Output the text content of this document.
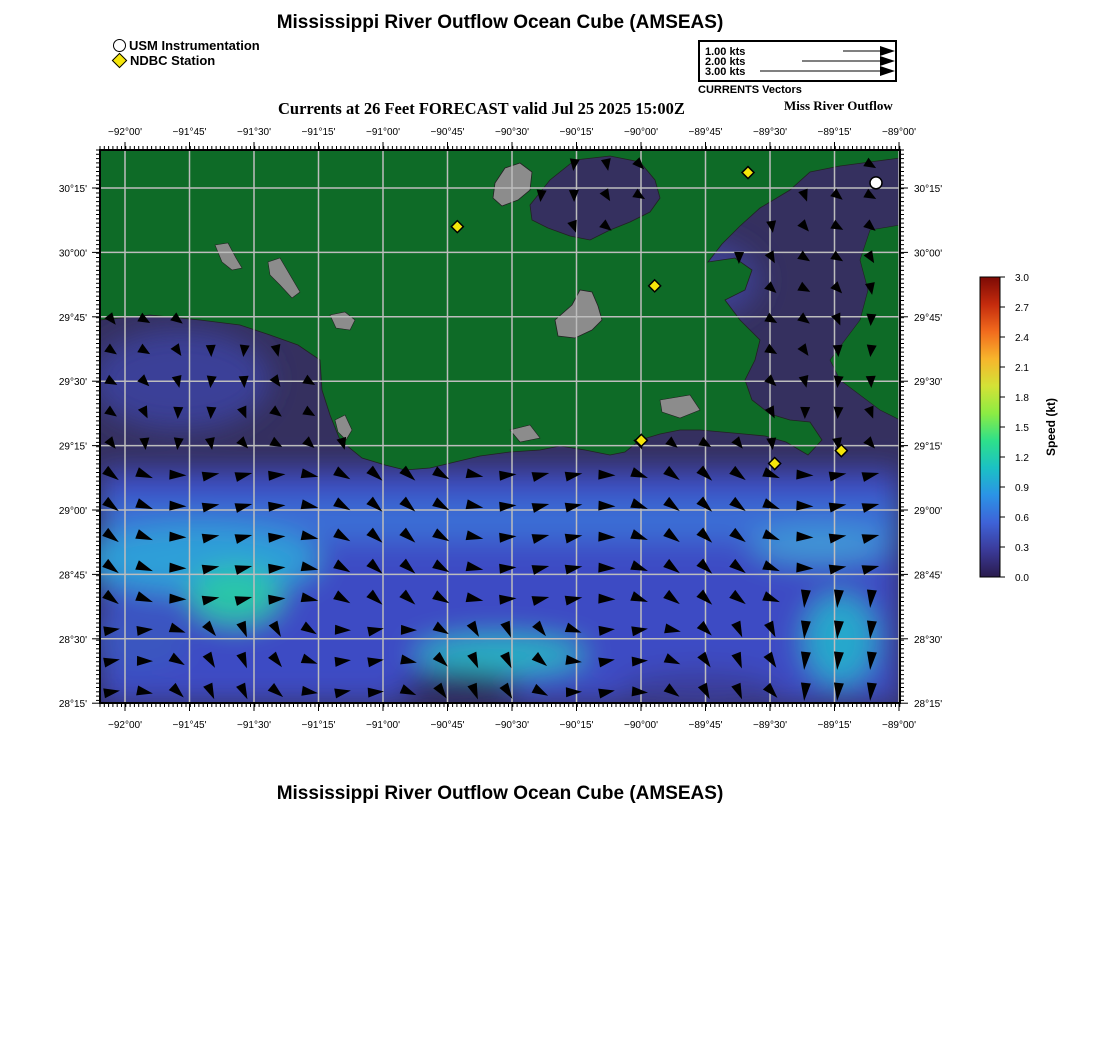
Mississippi River Outflow Ocean Cube (AMSEAS)
USM Instrumentation
NDBC Station
1.00 kts
2.00 kts
3.00 kts
CURRENTS Vectors
Currents at 26 Feet FORECAST valid Jul 25 2025 15:00Z	Miss River Outflow
−92°00'	−91°45'	−91°30'	−91°15'	−91°00'	−90°45'	−90°30'	−90°15'	−90°00'	−89°45'	−89°30'	−89°15'	−89°00'
−92°00'	−91°45'	−91°30'	−91°15'	−91°00'	−90°45'	−90°30'	−90°15'	−90°00'	−89°45'	−89°30'	−89°15'	−89°00'
30°15'
30°00'
29°45'
29°30'
29°15'
29°00'
28°45'
28°30'
28°15'
30°15'
30°00'
29°45'
29°30'
29°15'
29°00'
28°45'
28°30'
28°15'
3.0
2.7
2.4
2.1
1.8
1.5
1.2
0.9
0.6
0.3
0.0
Speed (kt)
Mississippi River Outflow Ocean Cube (AMSEAS)
